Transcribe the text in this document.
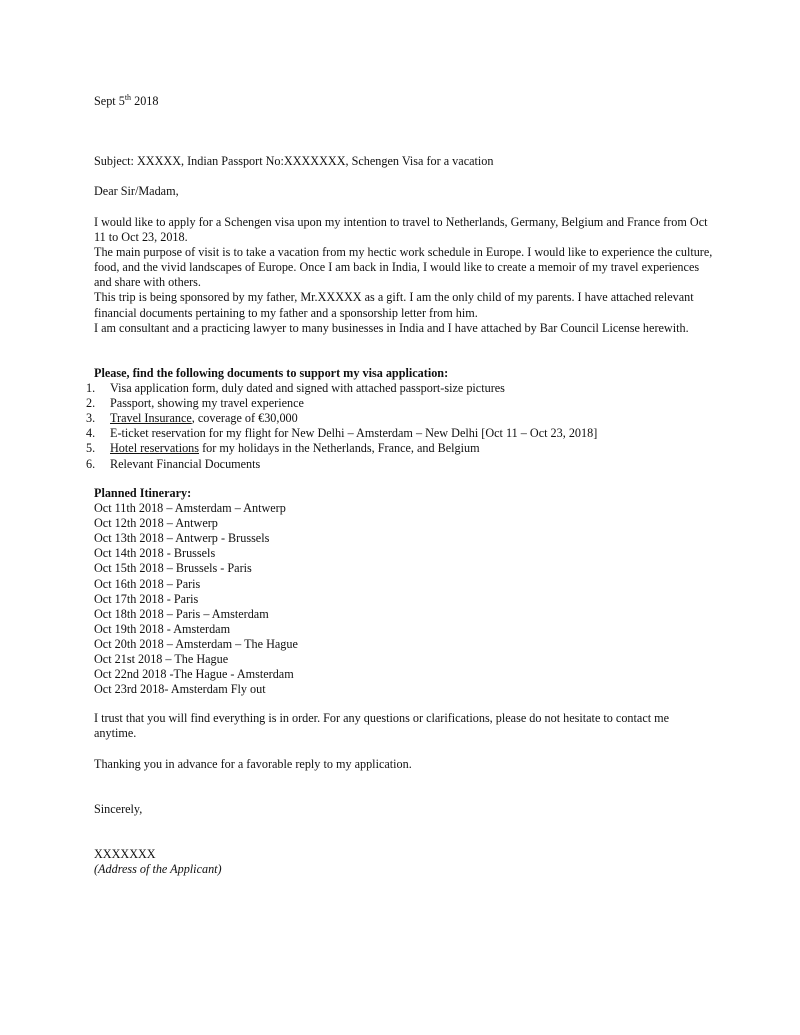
Sept 5th 2018
Subject: XXXXX, Indian Passport No:XXXXXXX, Schengen Visa for a vacation
Dear Sir/Madam,

I would like to apply for a Schengen visa upon my intention to travel to Netherlands, Germany, Belgium and France from Oct 11 to Oct 23, 2018.

The main purpose of visit is to take a vacation from my hectic work schedule in Europe. I would like to experience the culture, food, and the vivid landscapes of Europe. Once I am back in India, I would like to create a memoir of my travel experiences and share with others.

This trip is being sponsored by my father, Mr.XXXXX as a gift. I am the only child of my parents. I have attached relevant financial documents pertaining to my father and a sponsorship letter from him.

I am consultant and a practicing lawyer to many businesses in India and I have attached by Bar Council License herewith.

Please, find the following documents to support my visa application:
1.	Visa application form, duly dated and signed with attached passport-size pictures
2.	Passport, showing my travel experience
3.	Travel Insurance, coverage of €30,000
4.	E-ticket reservation for my flight for New Delhi – Amsterdam – New Delhi [Oct 11 – Oct 23, 2018]
5.	Hotel reservations for my holidays in the Netherlands, France, and Belgium
6.	Relevant Financial Documents
Planned Itinerary:
Oct 11th 2018 – Amsterdam – Antwerp
Oct 12th 2018 – Antwerp
Oct 13th 2018 – Antwerp - Brussels
Oct 14th 2018 - Brussels
Oct 15th 2018 – Brussels - Paris
Oct 16th 2018 – Paris
Oct 17th 2018 - Paris
Oct 18th 2018 – Paris – Amsterdam
Oct 19th 2018 - Amsterdam
Oct 20th 2018 – Amsterdam – The Hague
Oct 21st 2018 – The Hague
Oct 22nd 2018 -The Hague - Amsterdam
Oct 23rd 2018- Amsterdam Fly out
I trust that you will find everything is in order. For any questions or clarifications, please do not hesitate to contact me anytime.
Thanking you in advance for a favorable reply to my application.
Sincerely,
XXXXXXX
(Address of the Applicant)
